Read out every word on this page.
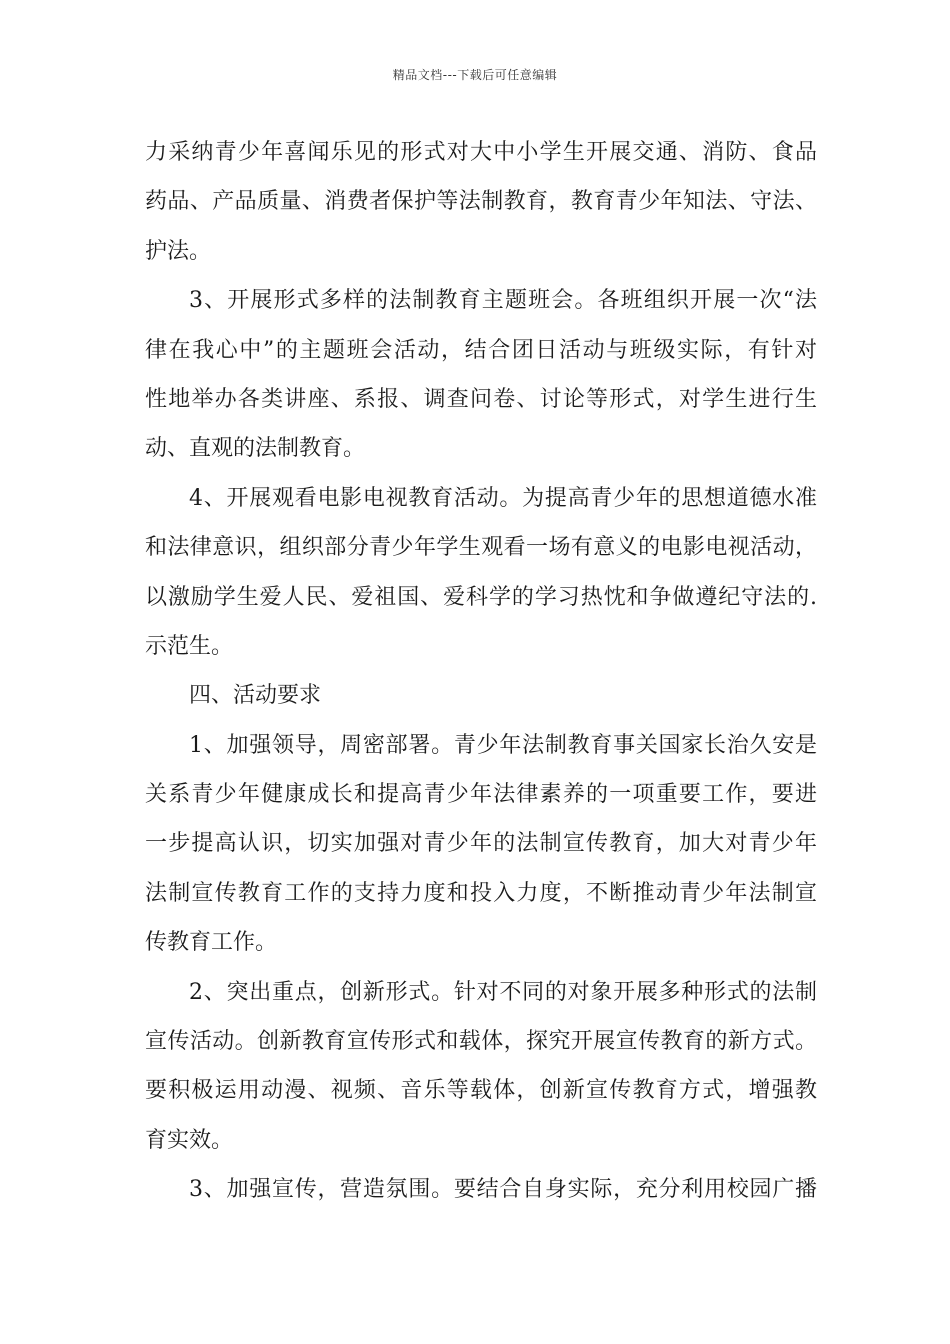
精品文档---下载后可任意编辑
力采纳青少年喜闻乐见的形式对大中小学生开展交通、消防、食品
药品、产品质量、消费者保护等法制教育，教育青少年知法、守法、
护法。
3、开展形式多样的法制教育主题班会。各班组织开展一次“法
律在我心中”的主题班会活动，结合团日活动与班级实际，有针对
性地举办各类讲座、系报、调查问卷、讨论等形式，对学生进行生
动、直观的法制教育。
4、开展观看电影电视教育活动。为提高青少年的思想道德水准
和法律意识，组织部分青少年学生观看一场有意义的电影电视活动，
以激励学生爱人民、爱祖国、爱科学的学习热忱和争做遵纪守法的.
示范生。
四、活动要求
1、加强领导，周密部署。青少年法制教育事关国家长治久安是
关系青少年健康成长和提高青少年法律素养的一项重要工作，要进
一步提高认识，切实加强对青少年的法制宣传教育，加大对青少年
法制宣传教育工作的支持力度和投入力度，不断推动青少年法制宣
传教育工作。
2、突出重点，创新形式。针对不同的对象开展多种形式的法制
宣传活动。创新教育宣传形式和载体，探究开展宣传教育的新方式。
要积极运用动漫、视频、音乐等载体，创新宣传教育方式，增强教
育实效。
3、加强宣传，营造氛围。要结合自身实际，充分利用校园广播
